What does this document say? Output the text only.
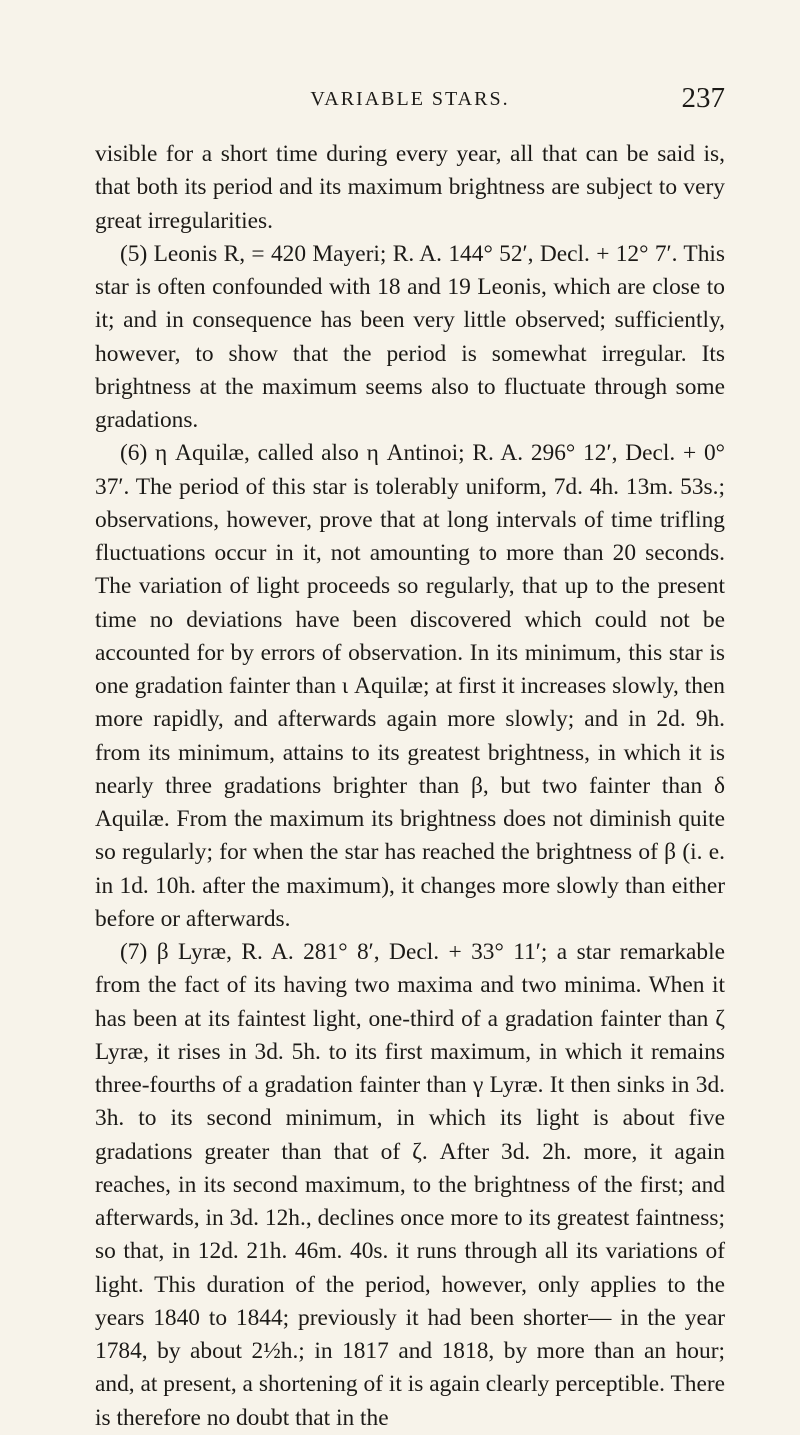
VARIABLE STARS.	237

visible for a short time during every year, all that can be said is, that both its period and its maximum brightness are subject to very great irregularities.

(5) Leonis R, = 420 Mayeri; R. A. 144° 52′, Decl. + 12° 7′. This star is often confounded with 18 and 19 Leonis, which are close to it; and in consequence has been very little observed; sufficiently, however, to show that the period is somewhat irregular. Its brightness at the maximum seems also to fluctuate through some gradations.

(6) η Aquilæ, called also η Antinoi; R. A. 296° 12′, Decl. + 0° 37′. The period of this star is tolerably uniform, 7d. 4h. 13m. 53s.; observations, however, prove that at long intervals of time trifling fluctuations occur in it, not amounting to more than 20 seconds. The variation of light proceeds so regularly, that up to the present time no deviations have been discovered which could not be accounted for by errors of observation. In its minimum, this star is one gradation fainter than ι Aquilæ; at first it increases slowly, then more rapidly, and afterwards again more slowly; and in 2d. 9h. from its minimum, attains to its greatest brightness, in which it is nearly three gradations brighter than β, but two fainter than δ Aquilæ. From the maximum its brightness does not diminish quite so regularly; for when the star has reached the brightness of β (i. e. in 1d. 10h. after the maximum), it changes more slowly than either before or afterwards.

(7) β Lyræ, R. A. 281° 8′, Decl. + 33° 11′; a star remarkable from the fact of its having two maxima and two minima. When it has been at its faintest light, one-third of a gradation fainter than ζ Lyræ, it rises in 3d. 5h. to its first maximum, in which it remains three-fourths of a gradation fainter than γ Lyræ. It then sinks in 3d. 3h. to its second minimum, in which its light is about five gradations greater than that of ζ. After 3d. 2h. more, it again reaches, in its second maximum, to the brightness of the first; and afterwards, in 3d. 12h., declines once more to its greatest faintness; so that, in 12d. 21h. 46m. 40s. it runs through all its variations of light. This duration of the period, however, only applies to the years 1840 to 1844; previously it had been shorter— in the year 1784, by about 2½h.; in 1817 and 1818, by more than an hour; and, at present, a shortening of it is again clearly perceptible. There is therefore no doubt that in the
